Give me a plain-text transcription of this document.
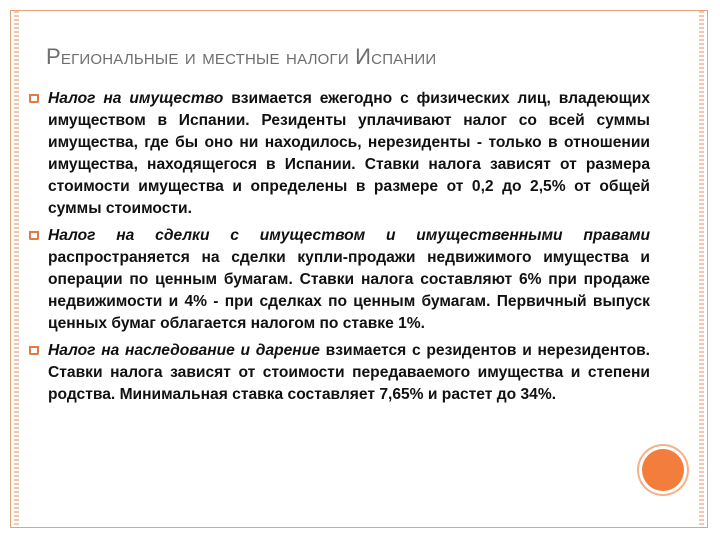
Региональные и местные налоги Испании
Налог на имущество взимается ежегодно с физических лиц, владеющих имуществом в Испании. Резиденты уплачивают налог со всей суммы имущества, где бы оно ни находилось, нерезиденты - только в отношении имущества, находящегося в Испании. Ставки налога зависят от размера стоимости имущества и определены в размере от 0,2 до 2,5% от общей суммы стоимости.
Налог на сделки с имуществом и имущественными правами распространяется на сделки купли-продажи недвижимого имущества и операции по ценным бумагам. Ставки налога составляют 6% при продаже недвижимости и 4% - при сделках по ценным бумагам. Первичный выпуск ценных бумаг облагается налогом по ставке 1%.
Налог на наследование и дарение взимается с резидентов и нерезидентов. Ставки налога зависят от стоимости передаваемого имущества и степени родства. Минимальная ставка составляет 7,65% и растет до 34%.
